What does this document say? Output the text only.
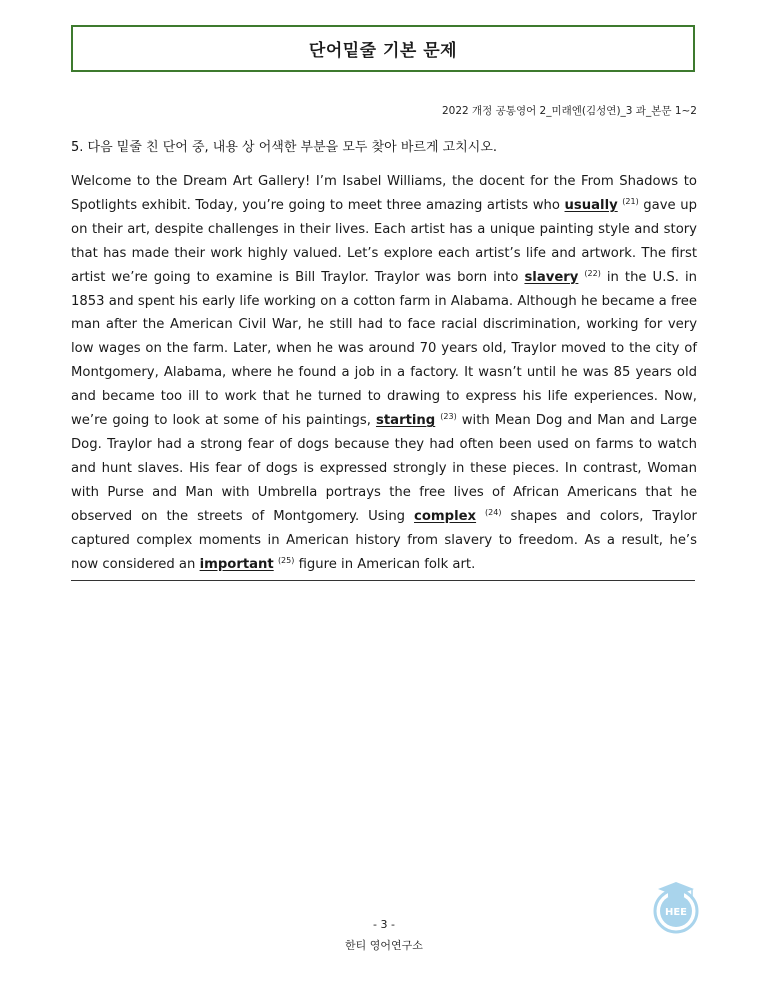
단어밑줄 기본 문제
2022 개정 공통영어 2_미래엔(김성연)_3 과_본문 1~2
5. 다음 밑줄 친 단어 중, 내용 상 어색한 부분을 모두 찾아 바르게 고치시오.
Welcome to the Dream Art Gallery! I’m Isabel Williams, the docent for the From Shadows to Spotlights exhibit. Today, you’re going to meet three amazing artists who usually $^{(21)}$ gave up on their art, despite challenges in their lives. Each artist has a unique painting style and story that has made their work highly valued. Let’s explore each artist’s life and artwork. The first artist we’re going to examine is Bill Traylor. Traylor was born into slavery $^{(22)}$ in the U.S. in 1853 and spent his early life working on a cotton farm in Alabama. Although he became a free man after the American Civil War, he still had to face racial discrimination, working for very low wages on the farm. Later, when he was around 70 years old, Traylor moved to the city of Montgomery, Alabama, where he found a job in a factory. It wasn’t until he was 85 years old and became too ill to work that he turned to drawing to express his life experiences. Now, we’re going to look at some of his paintings, starting $^{(23)}$ with Mean Dog and Man and Large Dog. Traylor had a strong fear of dogs because they had often been used on farms to watch and hunt slaves. His fear of dogs is expressed strongly in these pieces. In contrast, Woman with Purse and Man with Umbrella portrays the free lives of African Americans that he observed on the streets of Montgomery. Using complex $^{(24)}$ shapes and colors, Traylor captured complex moments in American history from slavery to freedom. As a result, he’s now considered an important $^{(25)}$ figure in American folk art.
- 3 -
한티 영어연구소
HEE
